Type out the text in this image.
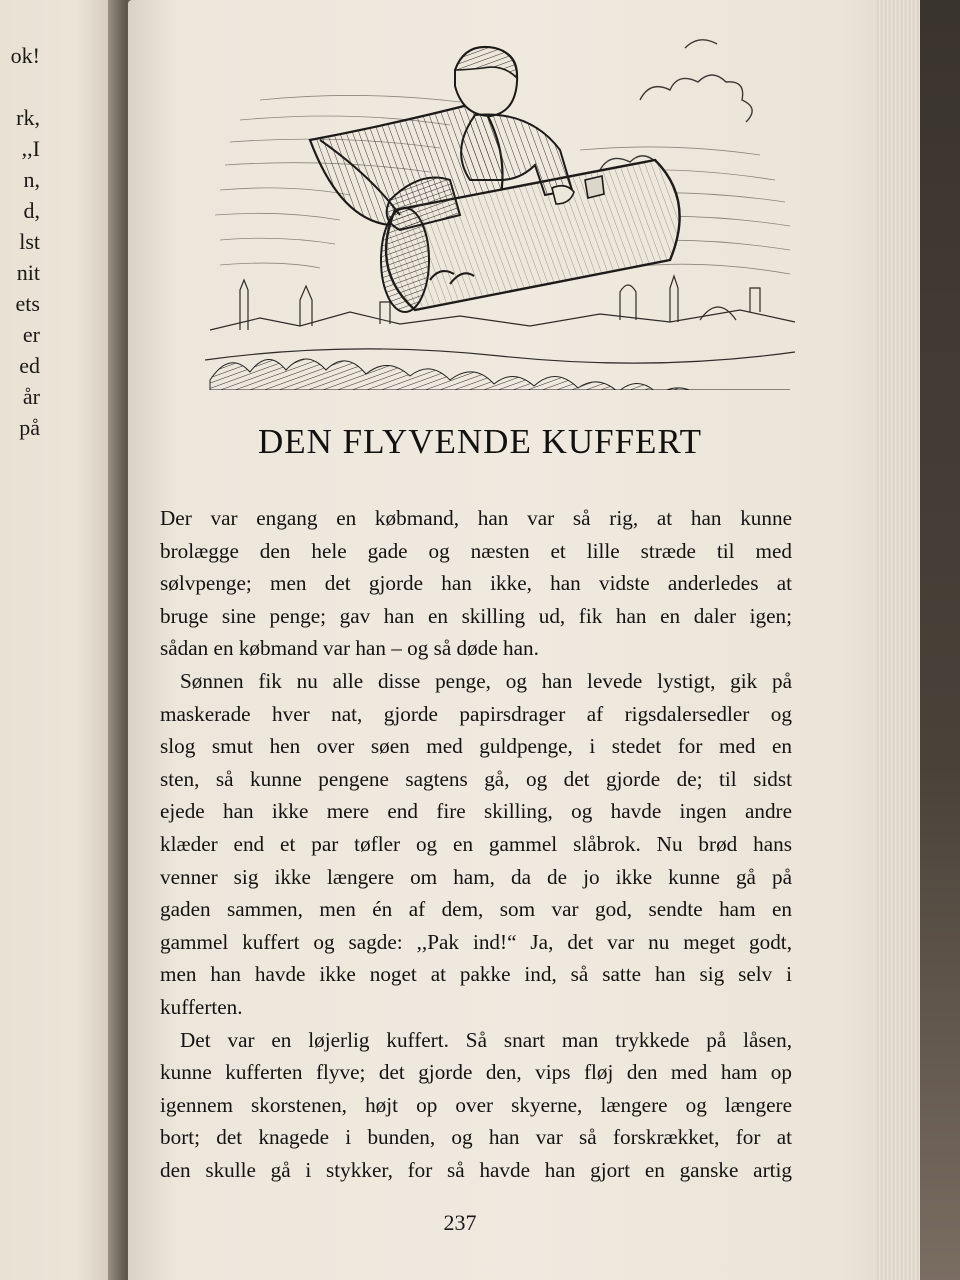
ok!
rk,
,,I
n,
d,
lst
nit
ets
er
ed
år
på	DEN FLYVENDE KUFFERT
Der var engang en købmand, han var så rig, at han kunne
brolægge den hele gade og næsten et lille stræde til med
sølvpenge; men det gjorde han ikke, han vidste anderledes at
bruge sine penge; gav han en skilling ud, fik han en daler igen;
sådan en købmand var han – og så døde han.
Sønnen fik nu alle disse penge, og han levede lystigt, gik på
maskerade hver nat, gjorde papirsdrager af rigsdalersedler og
slog smut hen over søen med guldpenge, i stedet for med en
sten, så kunne pengene sagtens gå, og det gjorde de; til sidst
ejede han ikke mere end fire skilling, og havde ingen andre
klæder end et par tøfler og en gammel slåbrok. Nu brød hans
venner sig ikke længere om ham, da de jo ikke kunne gå på
gaden sammen, men én af dem, som var god, sendte ham en
gammel kuffert og sagde: ,,Pak ind!“ Ja, det var nu meget godt,
men han havde ikke noget at pakke ind, så satte han sig selv i
kufferten.
Det var en løjerlig kuffert. Så snart man trykkede på låsen,
kunne kufferten flyve; det gjorde den, vips fløj den med ham op
igennem skorstenen, højt op over skyerne, længere og længere
bort; det knagede i bunden, og han var så forskrækket, for at
den skulle gå i stykker, for så havde han gjort en ganske artig
237
